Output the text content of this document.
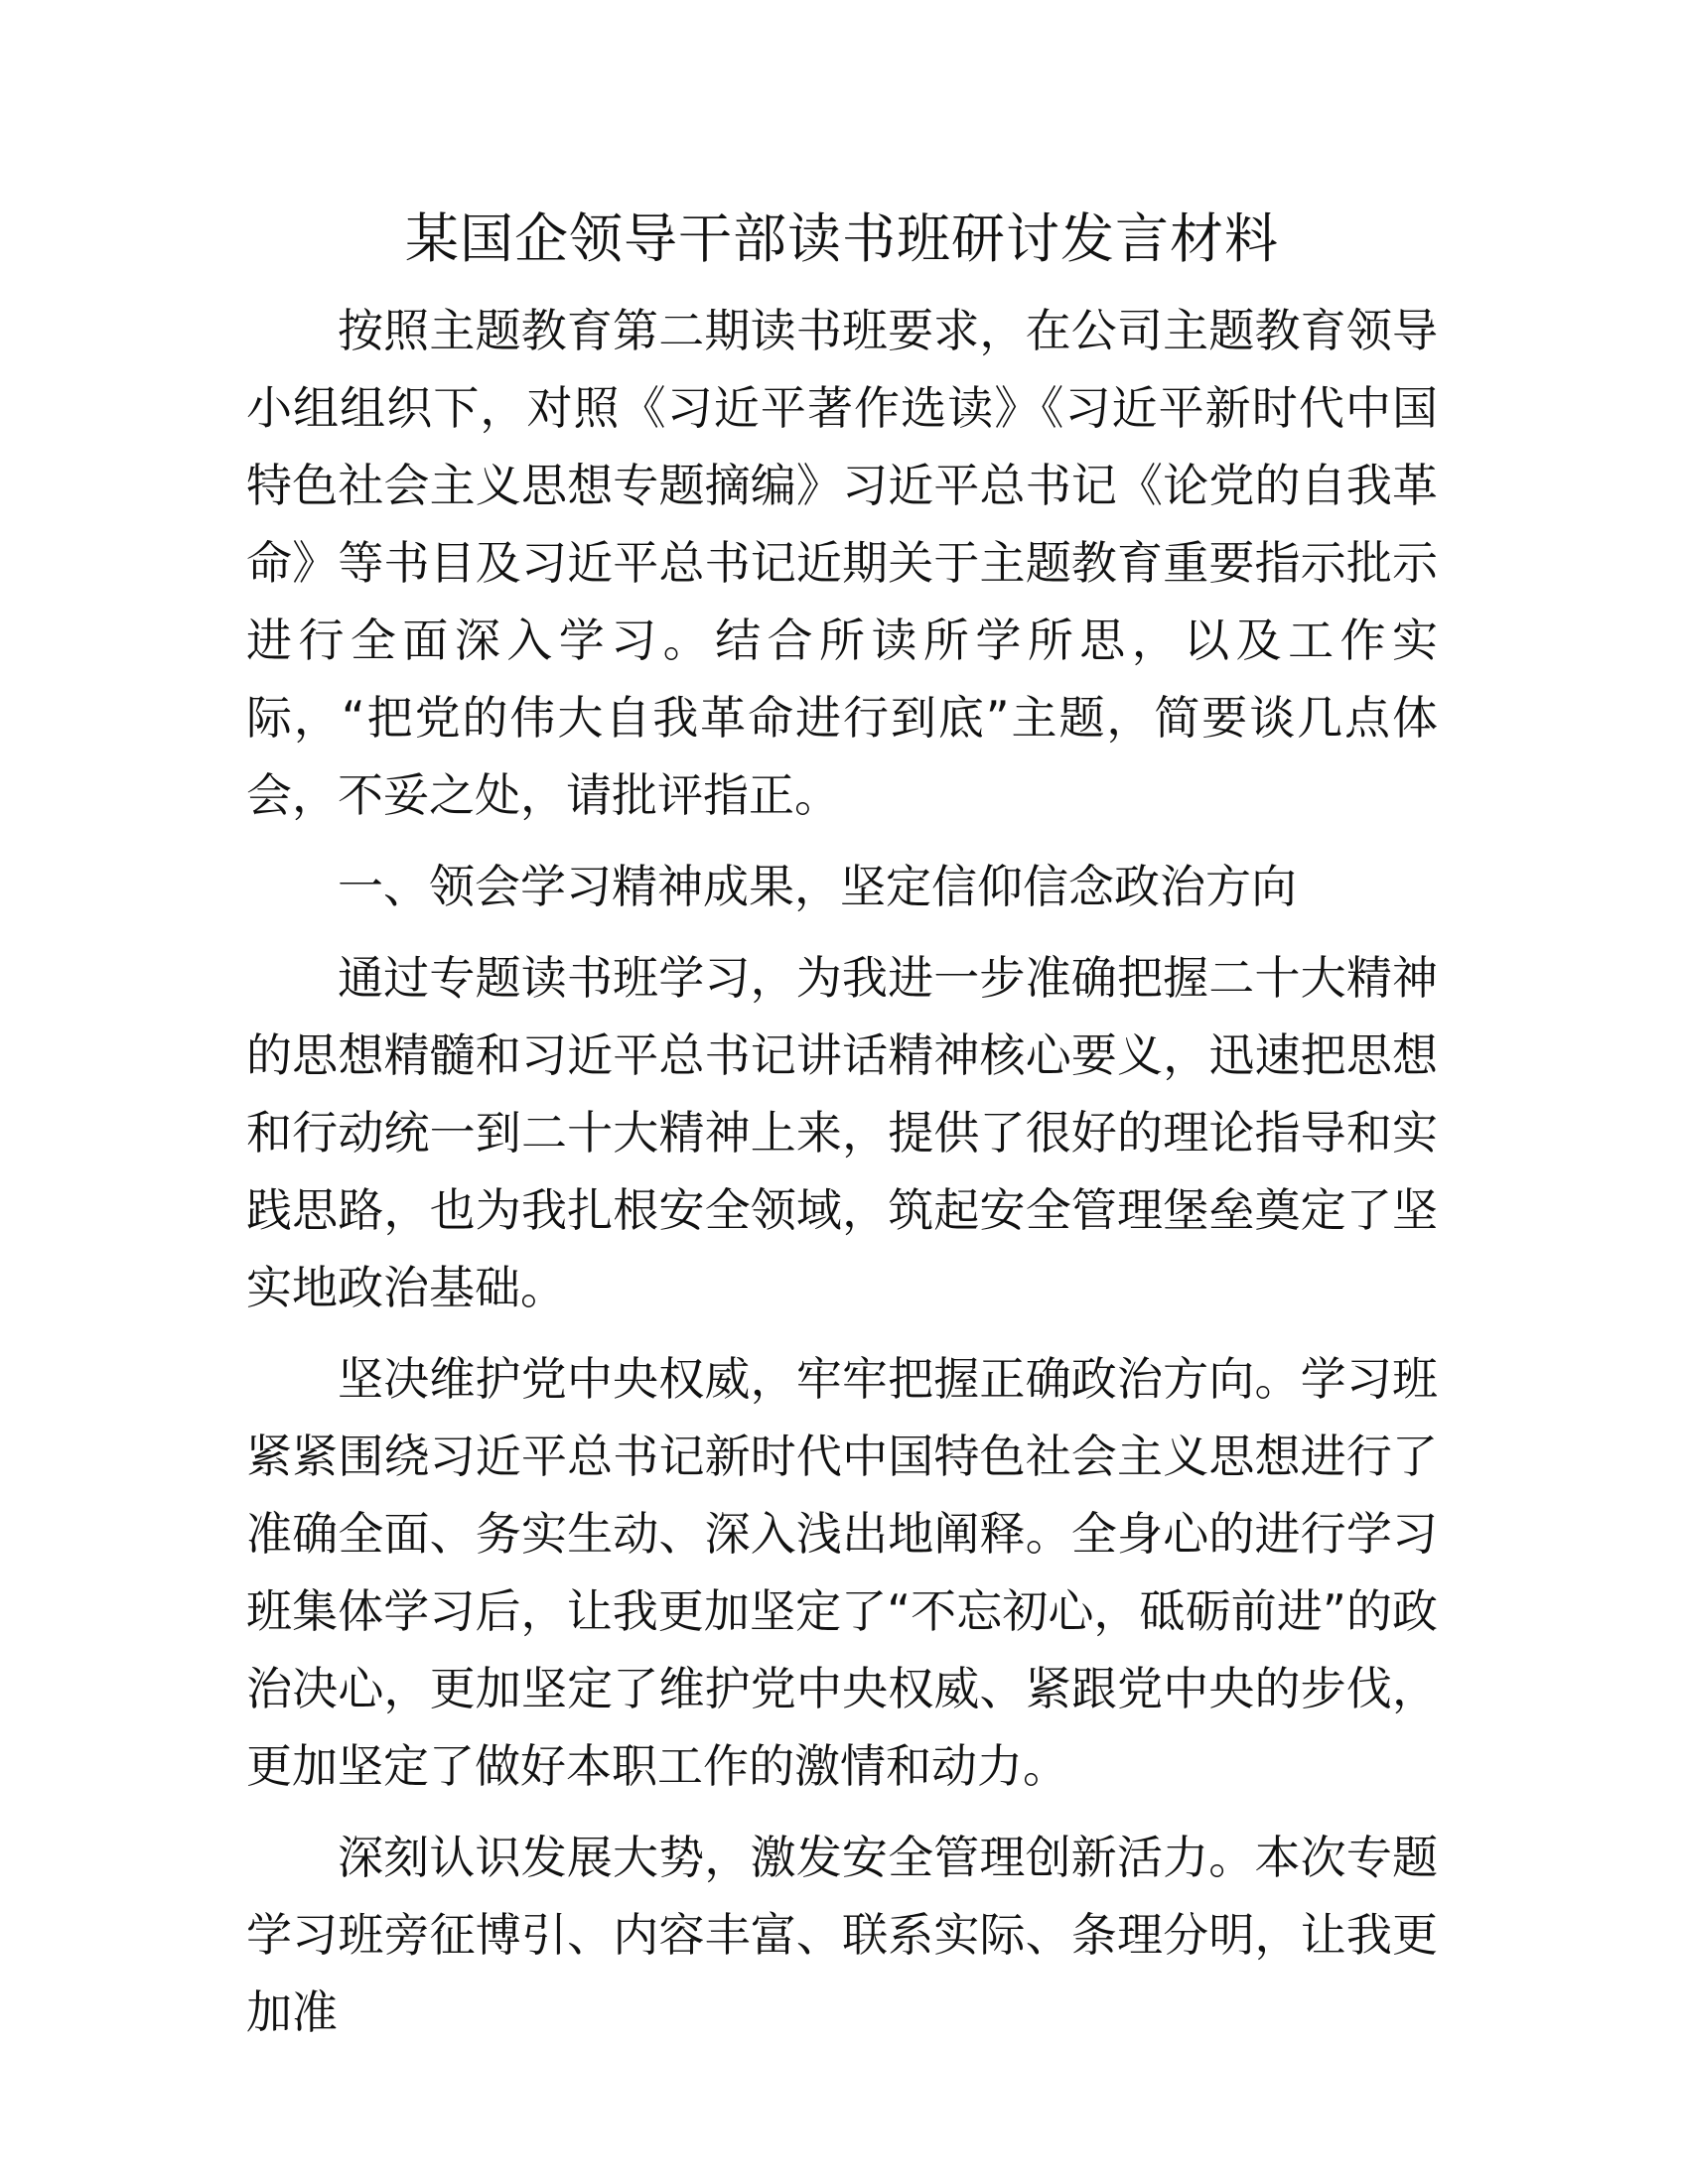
某国企领导干部读书班研讨发言材料

按照主题教育第二期读书班要求，在公司主题教育领导小组组织下，对照《习近平著作选读》《习近平新时代中国特色社会主义思想专题摘编》习近平总书记《论党的自我革命》等书目及习近平总书记近期关于主题教育重要指示批示进行全面深入学习。结合所读所学所思，以及工作实际，“把党的伟大自我革命进行到底”主题，简要谈几点体会，不妥之处，请批评指正。

一、领会学习精神成果，坚定信仰信念政治方向

通过专题读书班学习，为我进一步准确把握二十大精神的思想精髓和习近平总书记讲话精神核心要义，迅速把思想和行动统一到二十大精神上来，提供了很好的理论指导和实践思路，也为我扎根安全领域，筑起安全管理堡垒奠定了坚实地政治基础。

坚决维护党中央权威，牢牢把握正确政治方向。学习班紧紧围绕习近平总书记新时代中国特色社会主义思想进行了准确全面、务实生动、深入浅出地阐释。全身心的进行学习班集体学习后，让我更加坚定了“不忘初心，砥砺前进”的政治决心，更加坚定了维护党中央权威、紧跟党中央的步伐，更加坚定了做好本职工作的激情和动力。

深刻认识发展大势，激发安全管理创新活力。本次专题学习班旁征博引、内容丰富、联系实际、条理分明，让我更加准
